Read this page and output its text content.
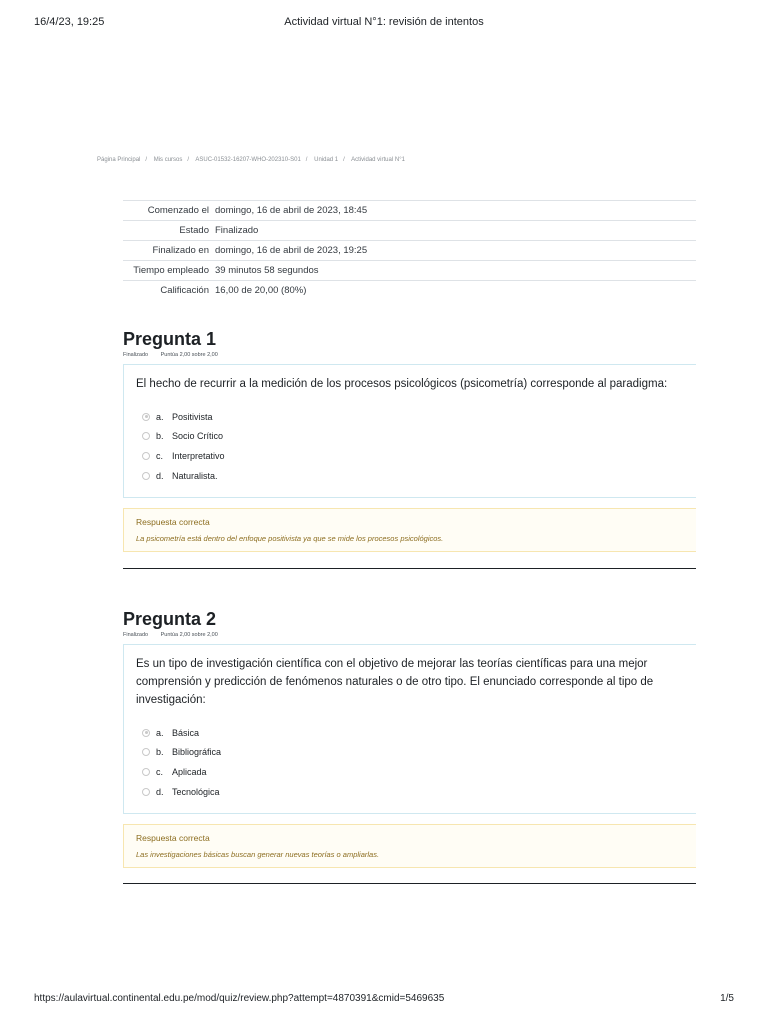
16/4/23, 19:25	Actividad virtual N°1: revisión de intentos
Página Principal / Mis cursos / ASUC-01532-16207-WHO-202310-S01 / Unidad 1 / Actividad virtual N°1
Comenzado el	domingo, 16 de abril de 2023, 18:45
Estado	Finalizado
Finalizado en	domingo, 16 de abril de 2023, 19:25
Tiempo empleado	39 minutos 58 segundos
Calificación	16,00 de 20,00 (80%)
Pregunta 1
Finalizado Puntúa 2,00 sobre 2,00
El hecho de recurrir a la medición de los procesos psicológicos (psicometría) corresponde al paradigma:
a. Positivista
b. Socio Crítico
c. Interpretativo
d. Naturalista.
Respuesta correcta
La psicometría está dentro del enfoque positivista ya que se mide los procesos psicológicos.
Pregunta 2
Finalizado Puntúa 2,00 sobre 2,00
Es un tipo de investigación científica con el objetivo de mejorar las teorías científicas para una mejor comprensión y predicción de fenómenos naturales o de otro tipo. El enunciado corresponde al tipo de investigación:
a. Básica
b. Bibliográfica
c. Aplicada
d. Tecnológica
Respuesta correcta
Las investigaciones básicas buscan generar nuevas teorías o ampliarlas.
https://aulavirtual.continental.edu.pe/mod/quiz/review.php?attempt=4870391&cmid=5469635	1/5
